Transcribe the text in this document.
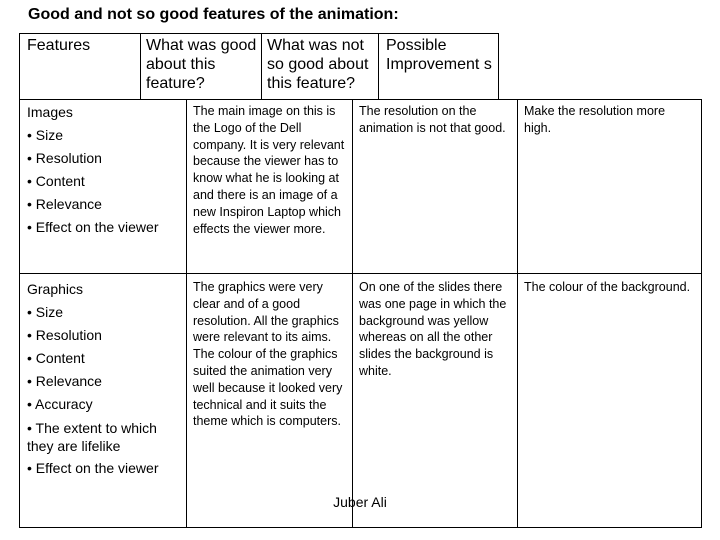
Good and not so good features of the animation:
Features	What was good about this feature?
What was not so good about this feature?
Possible Improvement s
Images
• Size
• Resolution
• Content
• Relevance
• Effect on the viewer
The main image on this is the Logo of the Dell company. It is very relevant because the viewer has to know what he is looking at and there is an image of a new Inspiron Laptop which effects the viewer more.
The resolution on the animation is not that good.
Make the resolution more high.
Graphics
• Size
• Resolution
• Content
• Relevance
• Accuracy
• The extent to which they are lifelike
• Effect on the viewer
The graphics were very clear and of a good resolution. All the graphics were relevant to its aims. The colour of the graphics suited the animation very well because it looked very technical and it suits the theme which is computers.
On one of the slides there was one page in which the background was yellow whereas on all the other slides the background is white.
The colour of the background.
Juber Ali
